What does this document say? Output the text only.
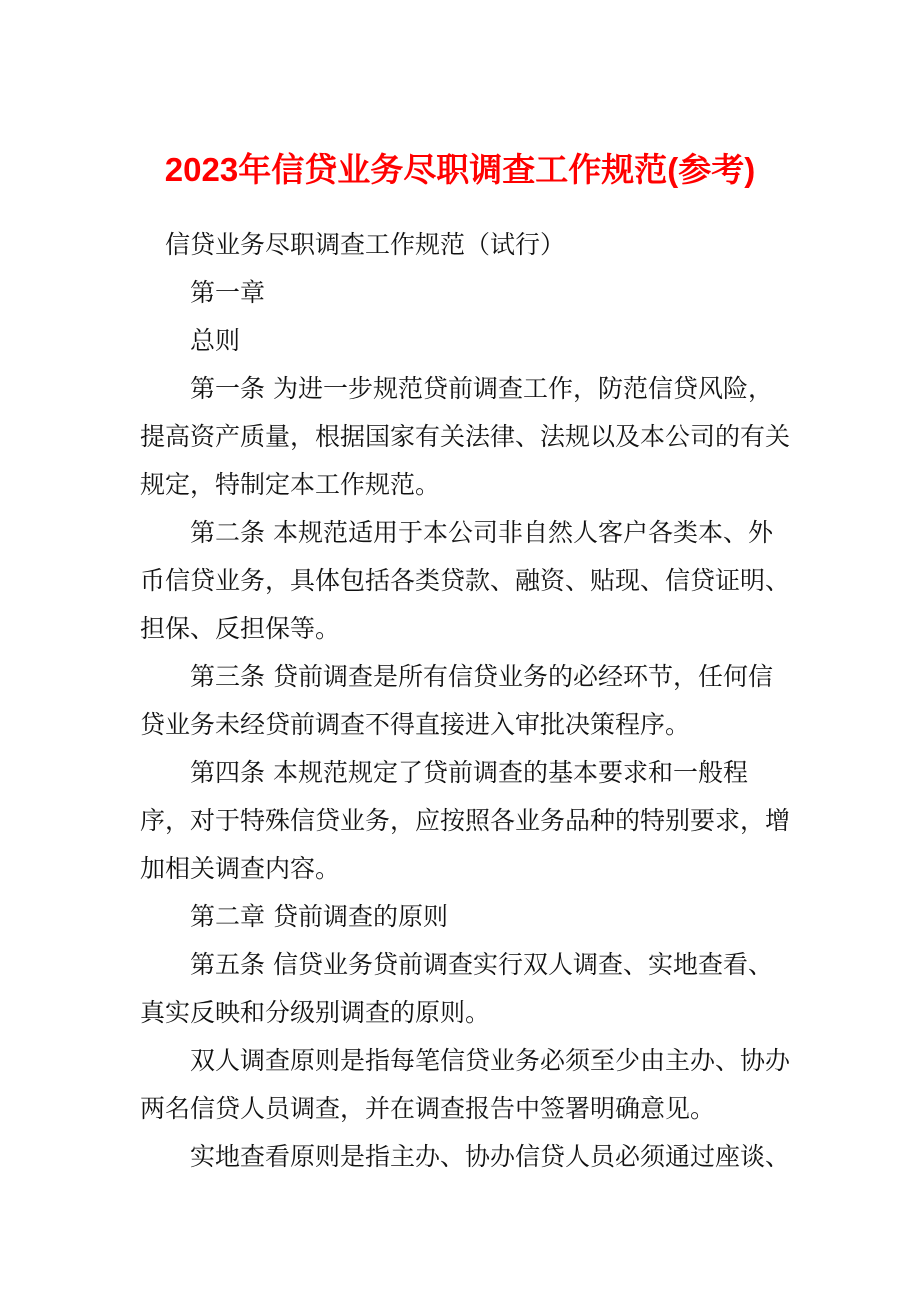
2023年信贷业务尽职调查工作规范(参考)

信贷业务尽职调查工作规范（试行）

第一章

总则

第一条 为进一步规范贷前调查工作，防范信贷风险，提高资产质量，根据国家有关法律、法规以及本公司的有关规定，特制定本工作规范。

第二条 本规范适用于本公司非自然人客户各类本、外币信贷业务，具体包括各类贷款、融资、贴现、信贷证明、担保、反担保等。

第三条 贷前调查是所有信贷业务的必经环节，任何信贷业务未经贷前调查不得直接进入审批决策程序。

第四条 本规范规定了贷前调查的基本要求和一般程序，对于特殊信贷业务，应按照各业务品种的特别要求，增加相关调查内容。

第二章 贷前调查的原则

第五条 信贷业务贷前调查实行双人调查、实地查看、真实反映和分级别调查的原则。

双人调查原则是指每笔信贷业务必须至少由主办、协办两名信贷人员调查，并在调查报告中签署明确意见。

实地查看原则是指主办、协办信贷人员必须通过座谈、
